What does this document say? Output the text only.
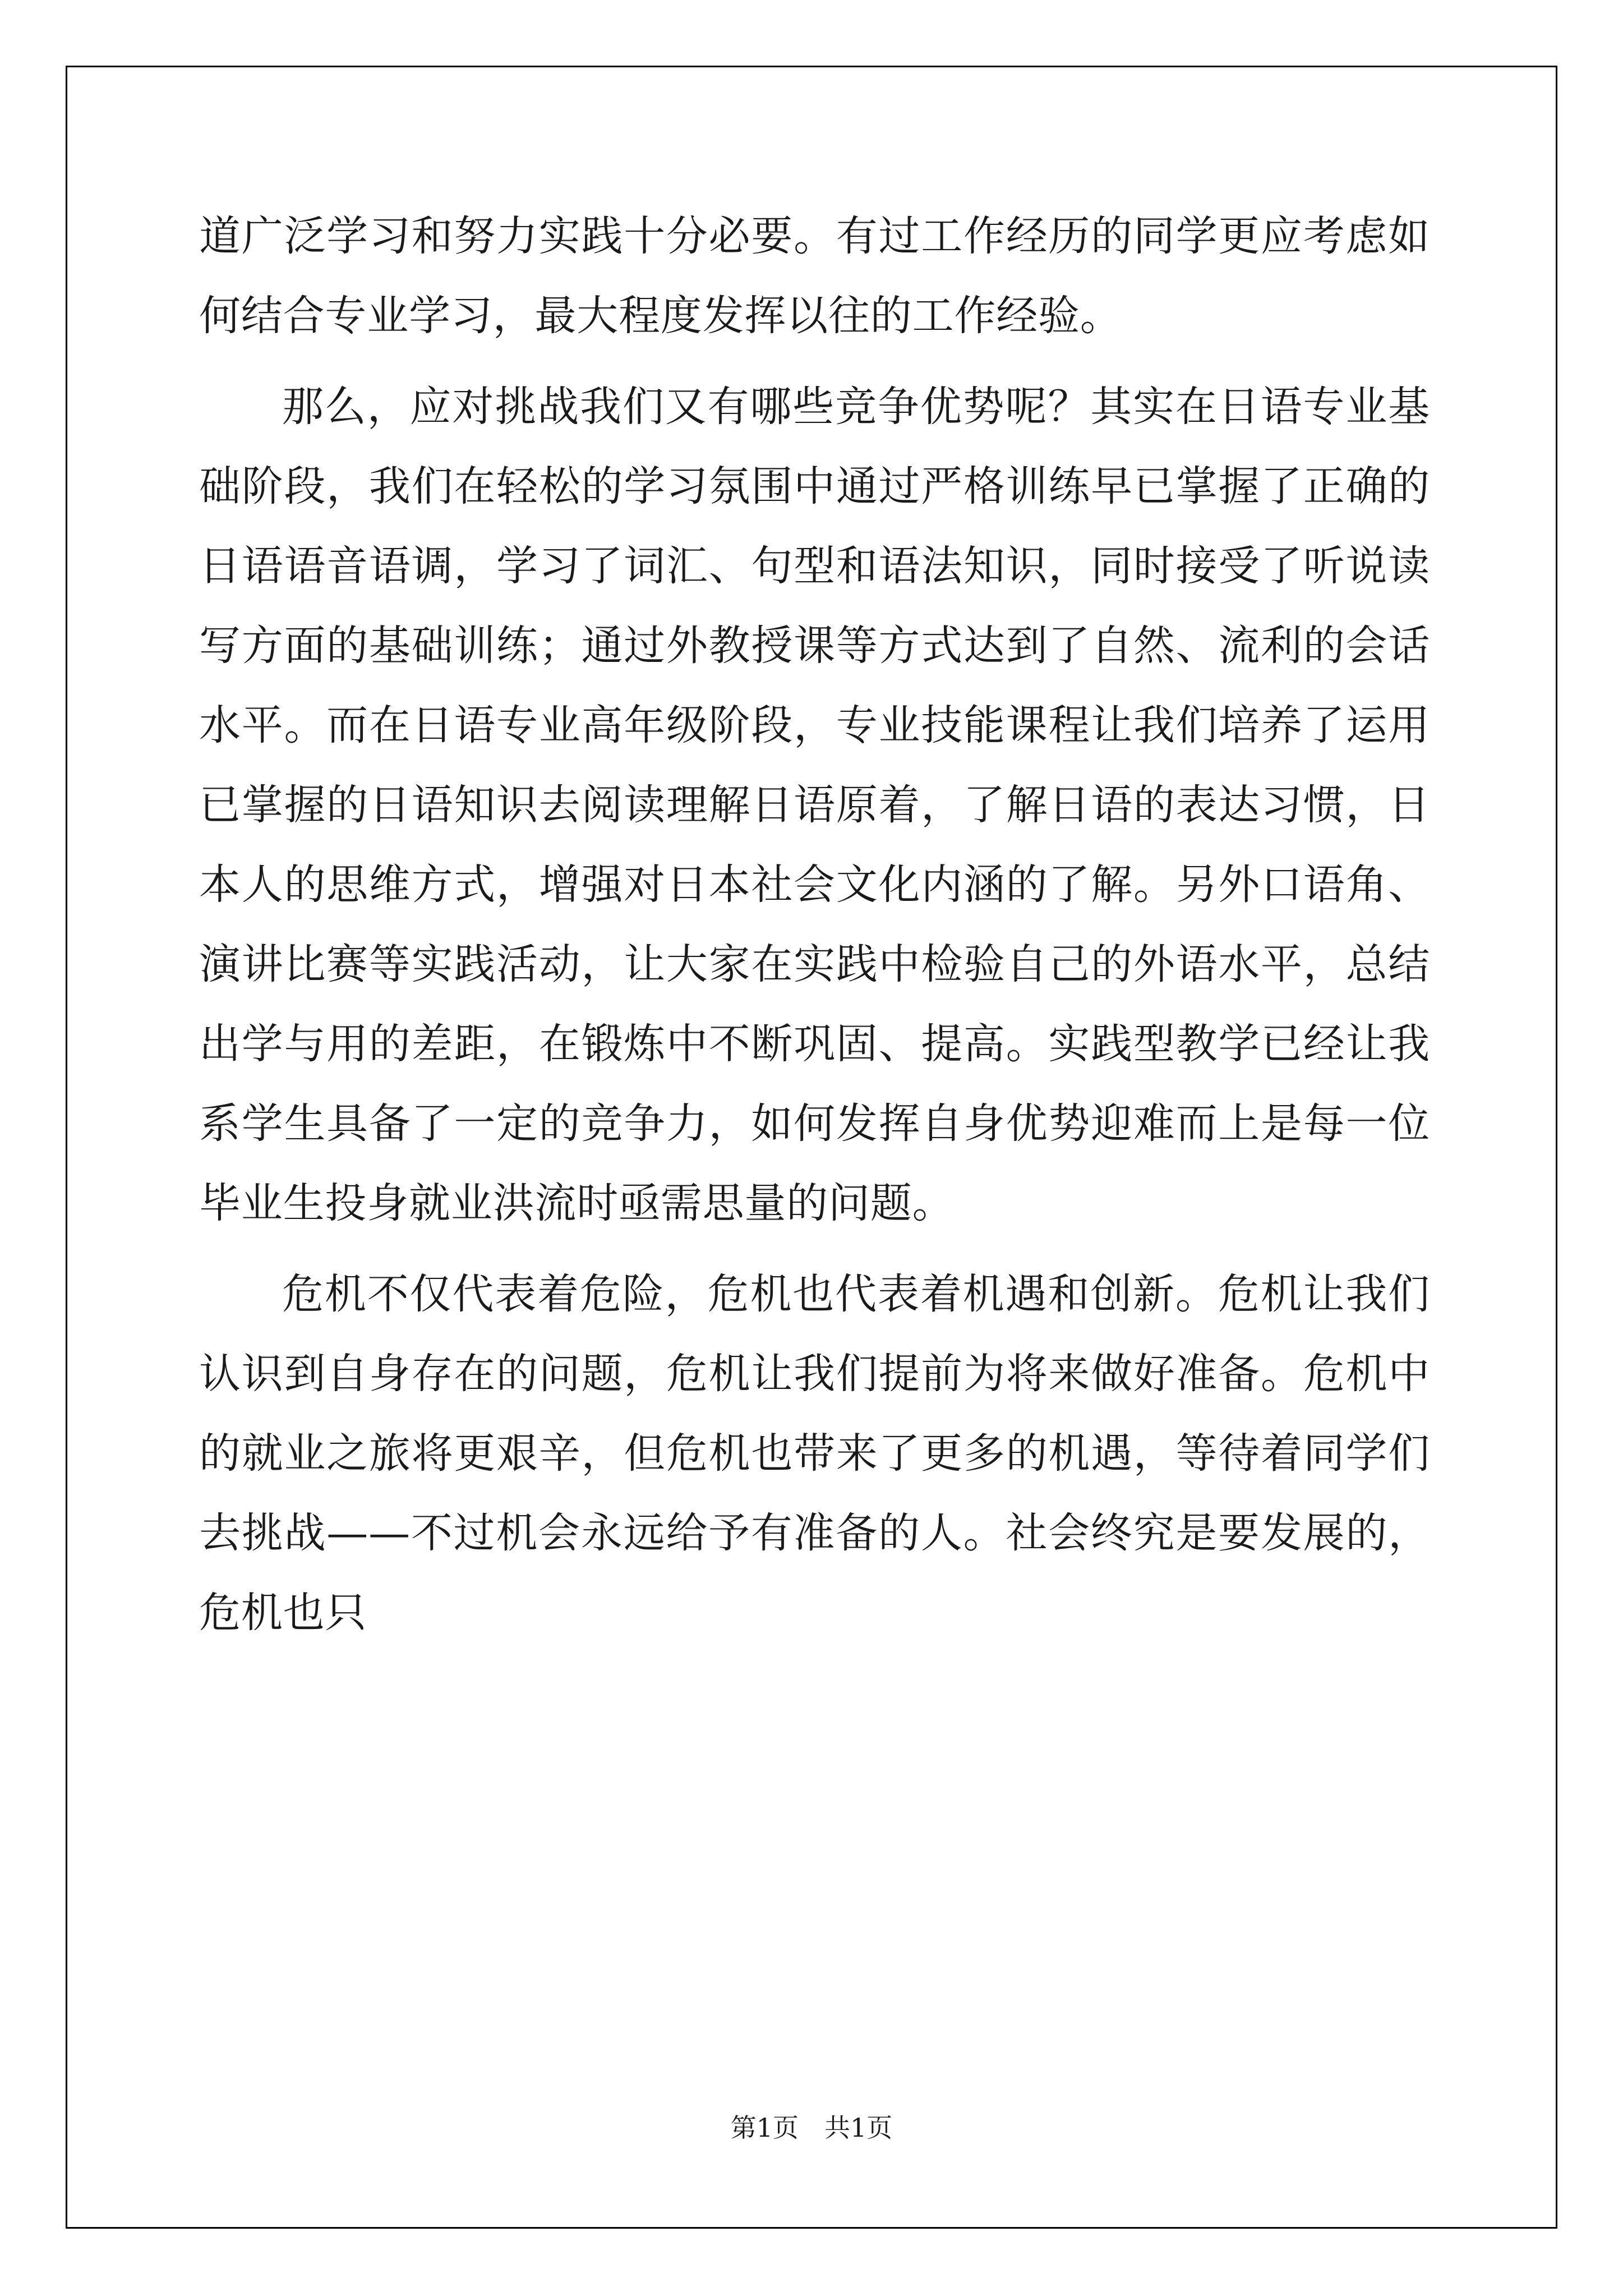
道广泛学习和努力实践十分必要。有过工作经历的同学更应考虑如何结合专业学习，最大程度发挥以往的工作经验。

那么，应对挑战我们又有哪些竞争优势呢？其实在日语专业基础阶段，我们在轻松的学习氛围中通过严格训练早已掌握了正确的日语语音语调，学习了词汇、句型和语法知识，同时接受了听说读写方面的基础训练；通过外教授课等方式达到了自然、流利的会话水平。而在日语专业高年级阶段，专业技能课程让我们培养了运用已掌握的日语知识去阅读理解日语原着，了解日语的表达习惯，日本人的思维方式，增强对日本社会文化内涵的了解。另外口语角、演讲比赛等实践活动，让大家在实践中检验自己的外语水平，总结出学与用的差距，在锻炼中不断巩固、提高。实践型教学已经让我系学生具备了一定的竞争力，如何发挥自身优势迎难而上是每一位毕业生投身就业洪流时亟需思量的问题。

危机不仅代表着危险，危机也代表着机遇和创新。危机让我们认识到自身存在的问题，危机让我们提前为将来做好准备。危机中的就业之旅将更艰辛，但危机也带来了更多的机遇，等待着同学们去挑战——不过机会永远给予有准备的人。社会终究是要发展的，危机也只

第1页 共1页
